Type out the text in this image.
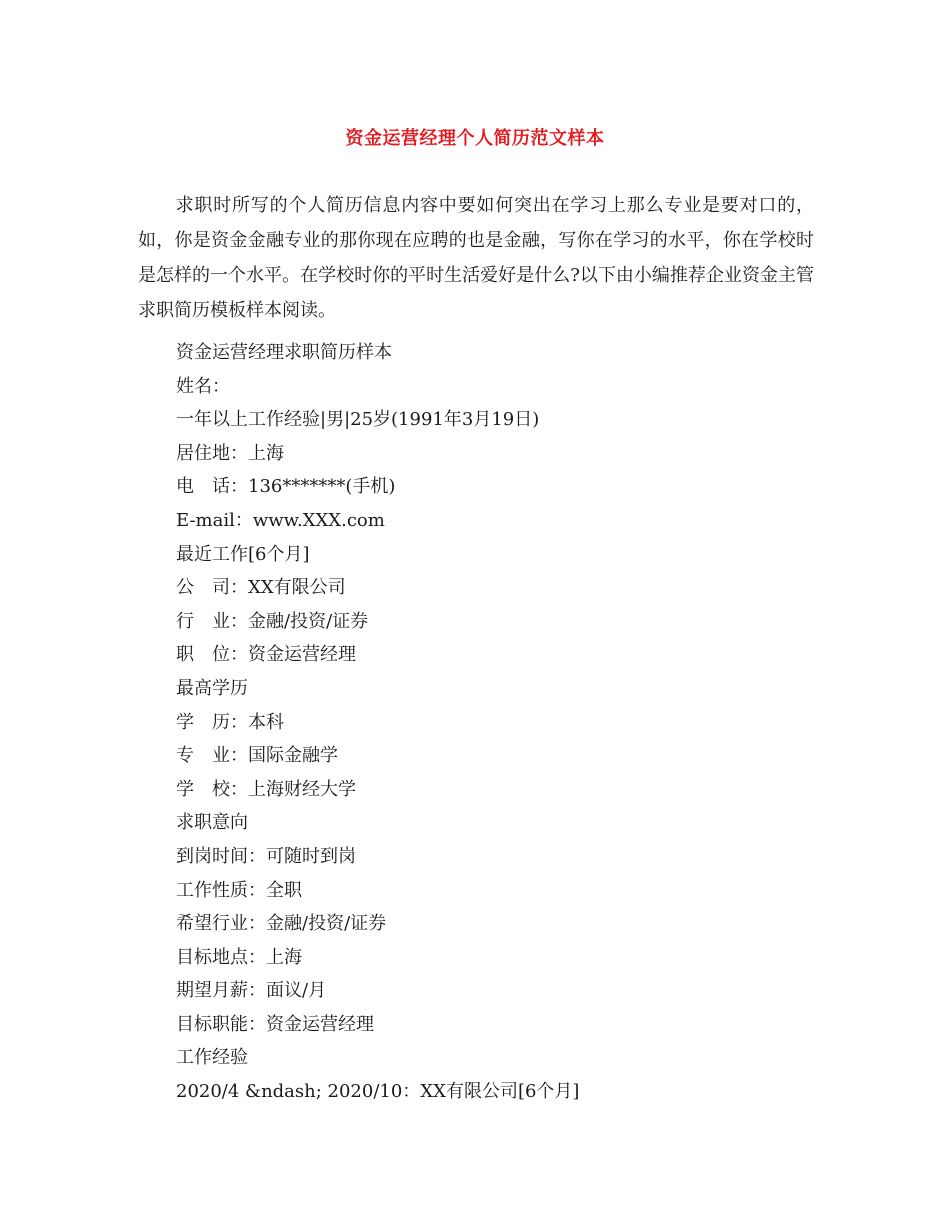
资金运营经理个人简历范文样本

　　求职时所写的个人简历信息内容中要如何突出在学习上那么专业是要对口的，如，你是资金金融专业的那你现在应聘的也是金融，写你在学习的水平，你在学校时是怎样的一个水平。在学校时你的平时生活爱好是什么?以下由小编推荐企业资金主管求职简历模板样本阅读。

资金运营经理求职简历样本
姓名：
一年以上工作经验|男|25岁(1991年3月19日)
居住地：上海
电　话：136*******(手机)
E-mail：www.XXX.com
最近工作[6个月]
公　司：XX有限公司
行　业：金融/投资/证券
职　位：资金运营经理
最高学历
学　历：本科
专　业：国际金融学
学　校：上海财经大学
求职意向
到岗时间：可随时到岗
工作性质：全职
希望行业：金融/投资/证券
目标地点：上海
期望月薪：面议/月
目标职能：资金运营经理
工作经验
2020/4 &ndash; 2020/10：XX有限公司[6个月]
